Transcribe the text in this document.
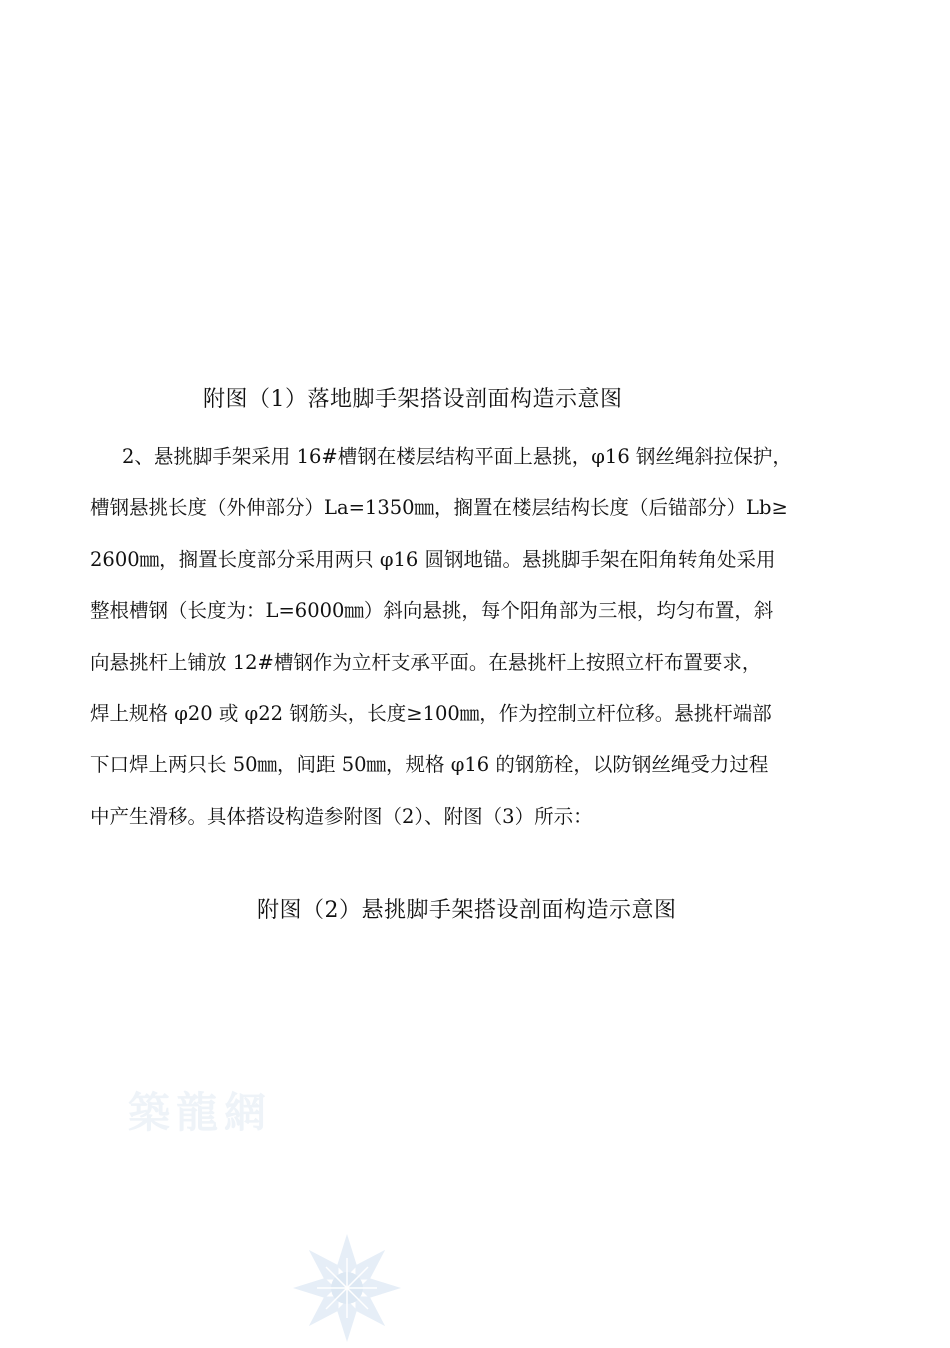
附图（1）落地脚手架搭设剖面构造示意图
2、悬挑脚手架采用 16#槽钢在楼层结构平面上悬挑，φ16 钢丝绳斜拉保护，
槽钢悬挑长度（外伸部分）La=1350㎜，搁置在楼层结构长度（后锚部分）Lb≥
2600㎜，搁置长度部分采用两只 φ16 圆钢地锚。悬挑脚手架在阳角转角处采用
整根槽钢（长度为：L=6000㎜）斜向悬挑，每个阳角部为三根，均匀布置，斜
向悬挑杆上铺放 12#槽钢作为立杆支承平面。在悬挑杆上按照立杆布置要求，
焊上规格 φ20 或 φ22 钢筋头，长度≥100㎜，作为控制立杆位移。悬挑杆端部
下口焊上两只长 50㎜，间距 50㎜，规格 φ16 的钢筋栓，以防钢丝绳受力过程
中产生滑移。具体搭设构造参附图（2）、附图（3）所示：
附图（2）悬挑脚手架搭设剖面构造示意图
築龍網
